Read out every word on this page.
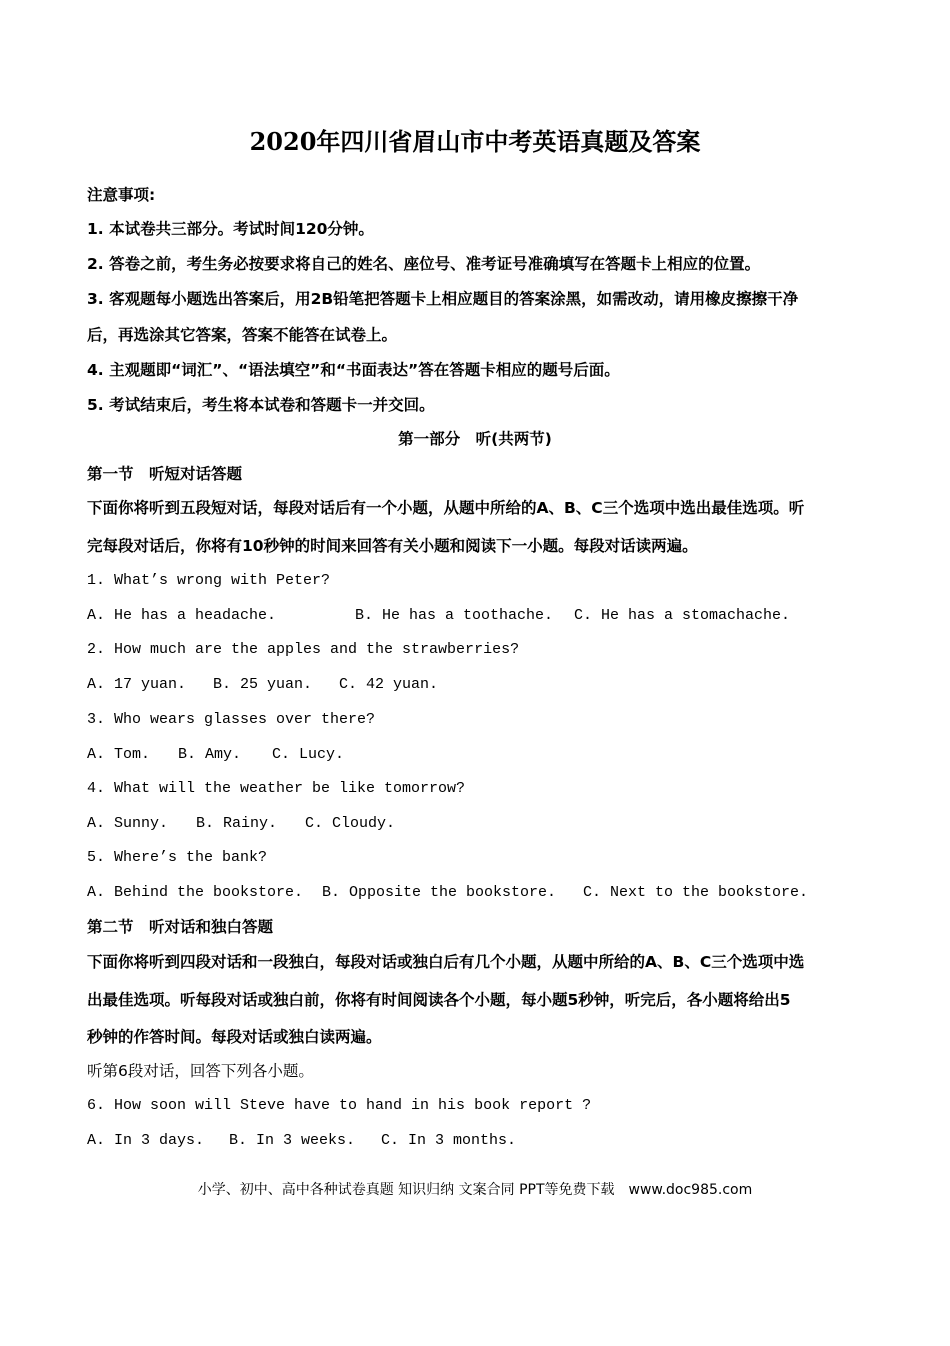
2020年四川省眉山市中考英语真题及答案
注意事项:
1. 本试卷共三部分。考试时间120分钟。
2. 答卷之前，考生务必按要求将自己的姓名、座位号、准考证号准确填写在答题卡上相应的位置。
3. 客观题每小题选出答案后，用2B铅笔把答题卡上相应题目的答案涂黑，如需改动，请用橡皮擦擦干净
后，再选涂其它答案，答案不能答在试卷上。
4. 主观题即“词汇”、“语法填空”和“书面表达”答在答题卡相应的题号后面。
5. 考试结束后，考生将本试卷和答题卡一并交回。
第一部分　听(共两节)
第一节　听短对话答题
下面你将听到五段短对话，每段对话后有一个小题，从题中所给的A、B、C三个选项中选出最佳选项。听
完每段对话后，你将有10秒钟的时间来回答有关小题和阅读下一小题。每段对话读两遍。
1. What’s wrong with Peter?
A. He has a headache.	B. He has a toothache. C. He has a stomachache.
2. How much are the apples and the strawberries?
A. 17 yuan. B. 25 yuan. C. 42 yuan.
3. Who wears glasses over there?
A. Tom. B. Amy. C. Lucy.
4. What will the weather be like tomorrow?
A. Sunny. B. Rainy. C. Cloudy.
5. Where’s the bank?
A. Behind the bookstore. B. Opposite the bookstore. C. Next to the bookstore.
第二节　听对话和独白答题
下面你将听到四段对话和一段独白，每段对话或独白后有几个小题，从题中所给的A、B、C三个选项中选
出最佳选项。听每段对话或独白前，你将有时间阅读各个小题，每小题5秒钟，听完后，各小题将给出5
秒钟的作答时间。每段对话或独白读两遍。
听第6段对话，回答下列各小题。
6. How soon will Steve have to hand in his book report ?
A. In 3 days. B. In 3 weeks. C. In 3 months.
小学、初中、高中各种试卷真题 知识归纳 文案合同 PPT等免费下载　www.doc985.com
